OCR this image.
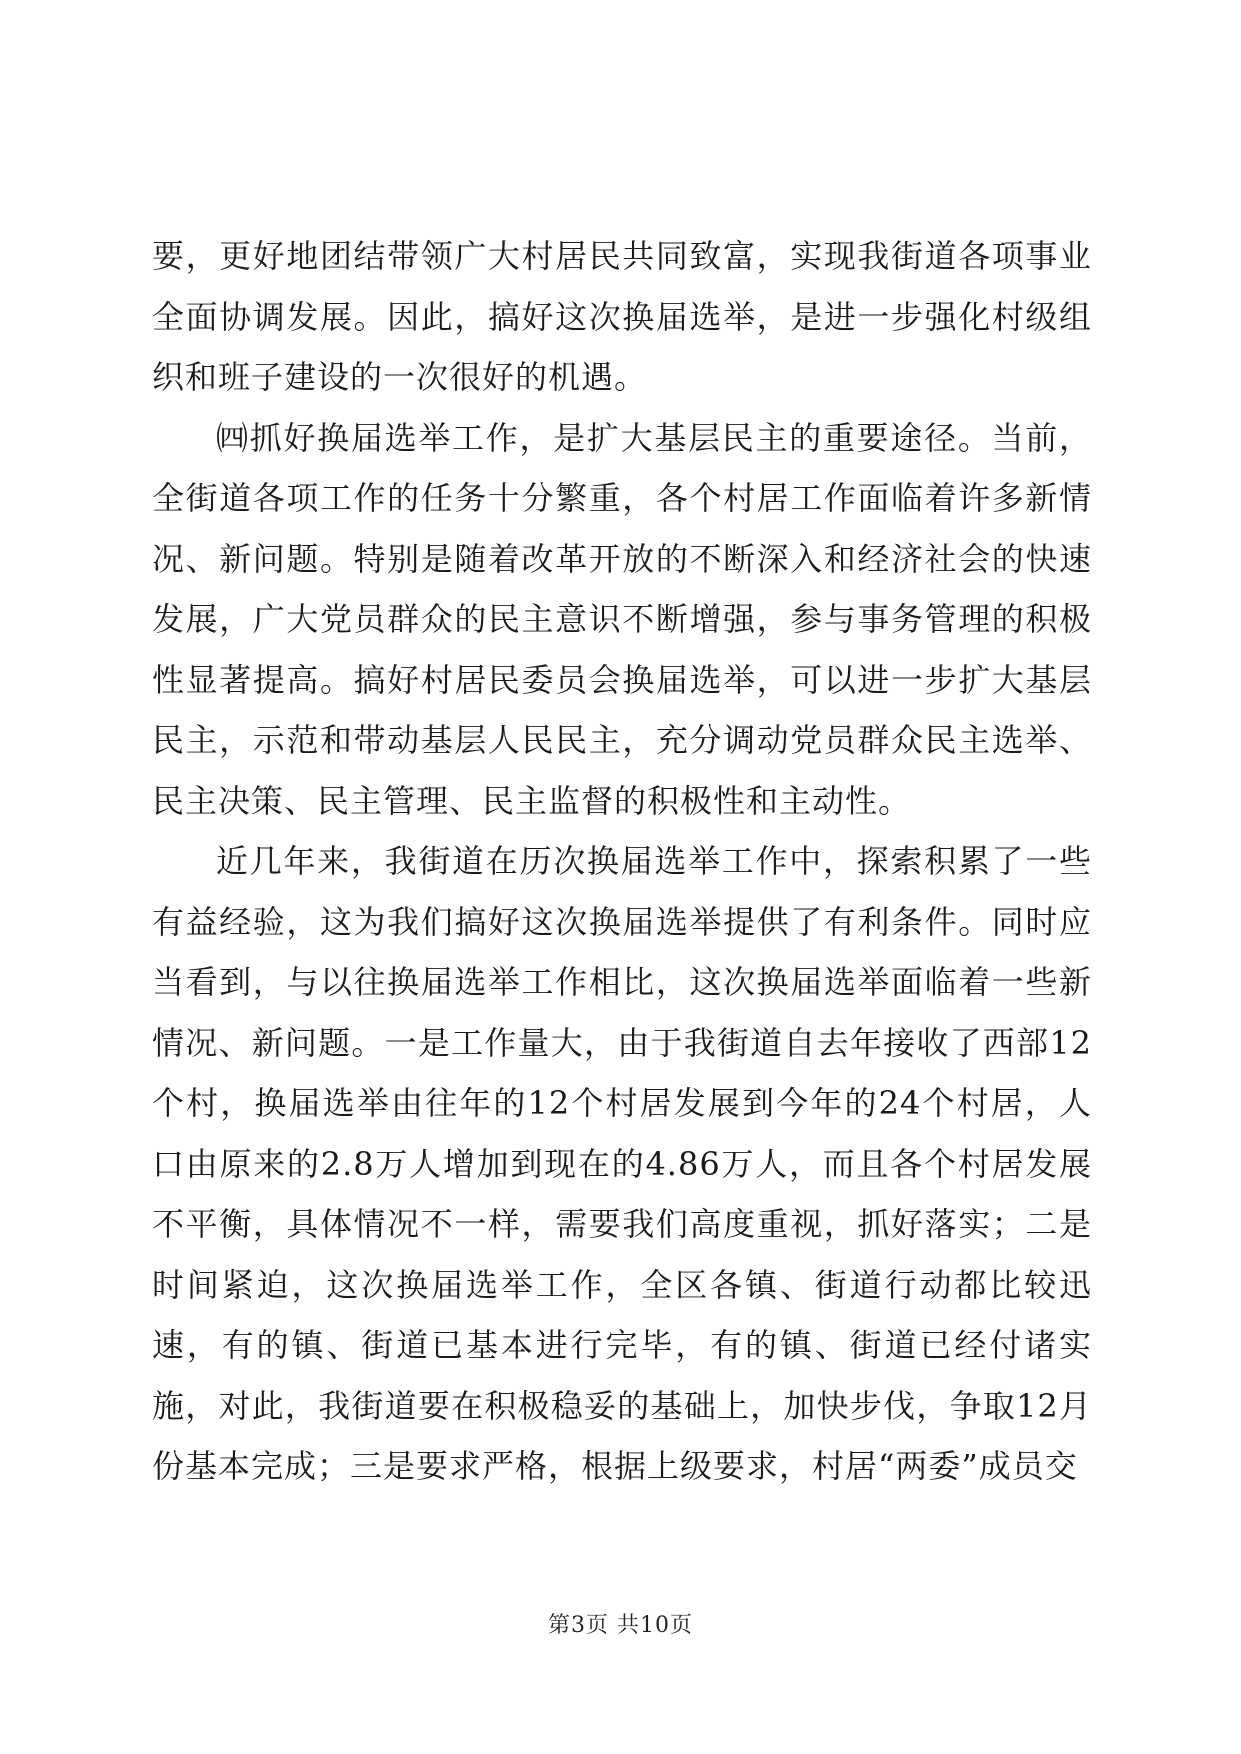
要，更好地团结带领广大村居民共同致富，实现我街道各项事业全面协调发展。因此，搞好这次换届选举，是进一步强化村级组织和班子建设的一次很好的机遇。

㈣抓好换届选举工作，是扩大基层民主的重要途径。当前，全街道各项工作的任务十分繁重，各个村居工作面临着许多新情况、新问题。特别是随着改革开放的不断深入和经济社会的快速发展，广大党员群众的民主意识不断增强，参与事务管理的积极性显著提高。搞好村居民委员会换届选举，可以进一步扩大基层民主，示范和带动基层人民民主，充分调动党员群众民主选举、民主决策、民主管理、民主监督的积极性和主动性。

近几年来，我街道在历次换届选举工作中，探索积累了一些有益经验，这为我们搞好这次换届选举提供了有利条件。同时应当看到，与以往换届选举工作相比，这次换届选举面临着一些新情况、新问题。一是工作量大，由于我街道自去年接收了西部12个村，换届选举由往年的12个村居发展到今年的24个村居，人口由原来的2.8万人增加到现在的4.86万人，而且各个村居发展不平衡，具体情况不一样，需要我们高度重视，抓好落实；二是时间紧迫，这次换届选举工作，全区各镇、街道行动都比较迅速，有的镇、街道已基本进行完毕，有的镇、街道已经付诸实施，对此，我街道要在积极稳妥的基础上，加快步伐，争取12月份基本完成；三是要求严格，根据上级要求，村居“两委”成员交

第3页 共10页
